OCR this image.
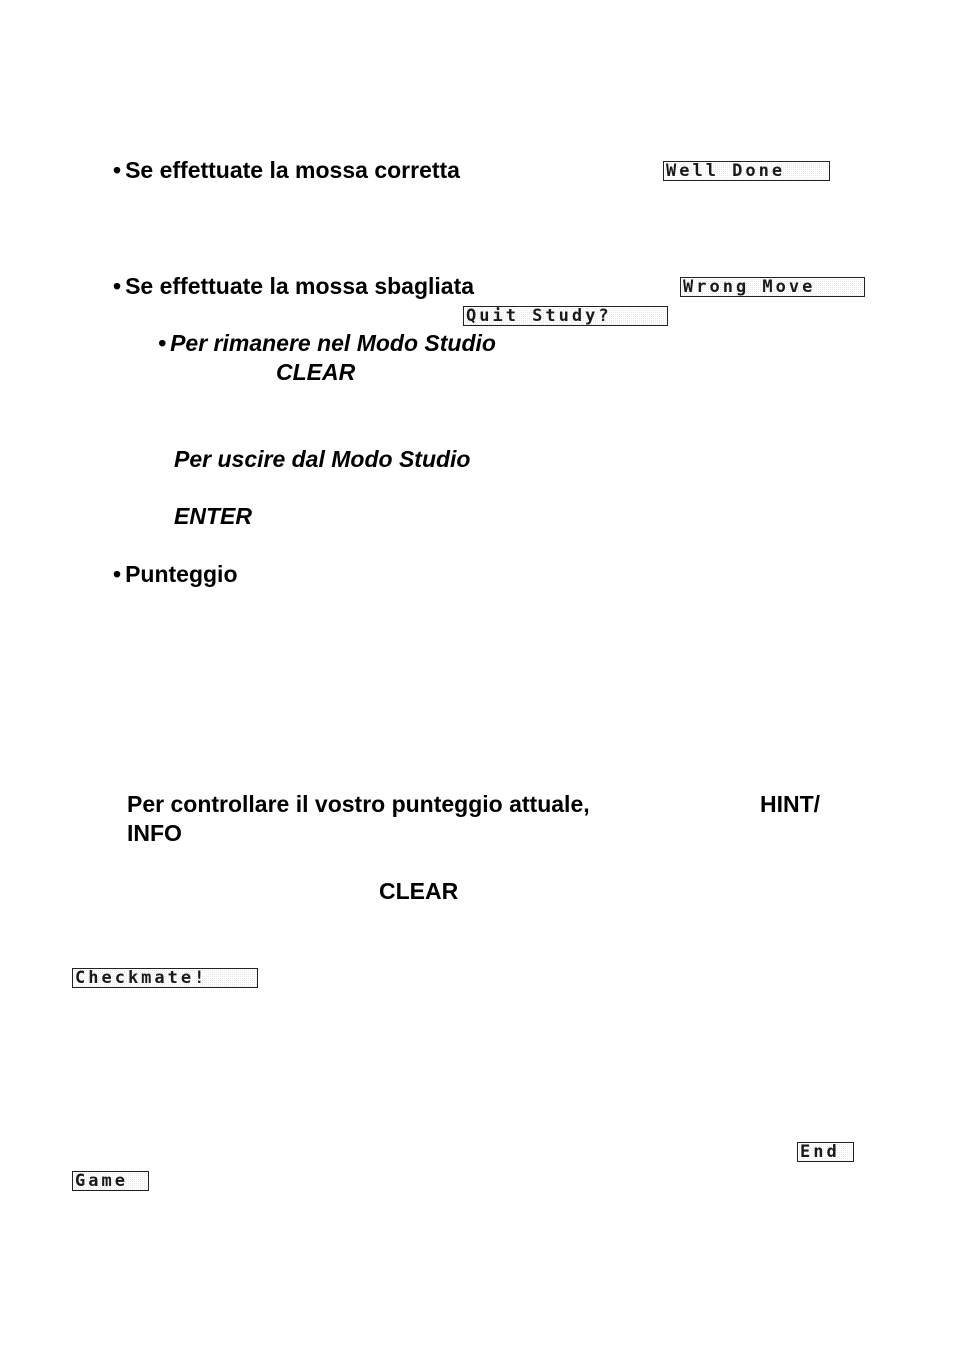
• Se effettuate la mossa corretta	Well Done
• Se effettuate la mossa sbagliata	Wrong Move
Quit Study?
• Per rimanere nel Modo Studio
CLEAR
Per uscire dal Modo Studio
ENTER
• Punteggio
Per controllare il vostro punteggio attuale,	HINT/
INFO
CLEAR
Checkmate!
End
Game
